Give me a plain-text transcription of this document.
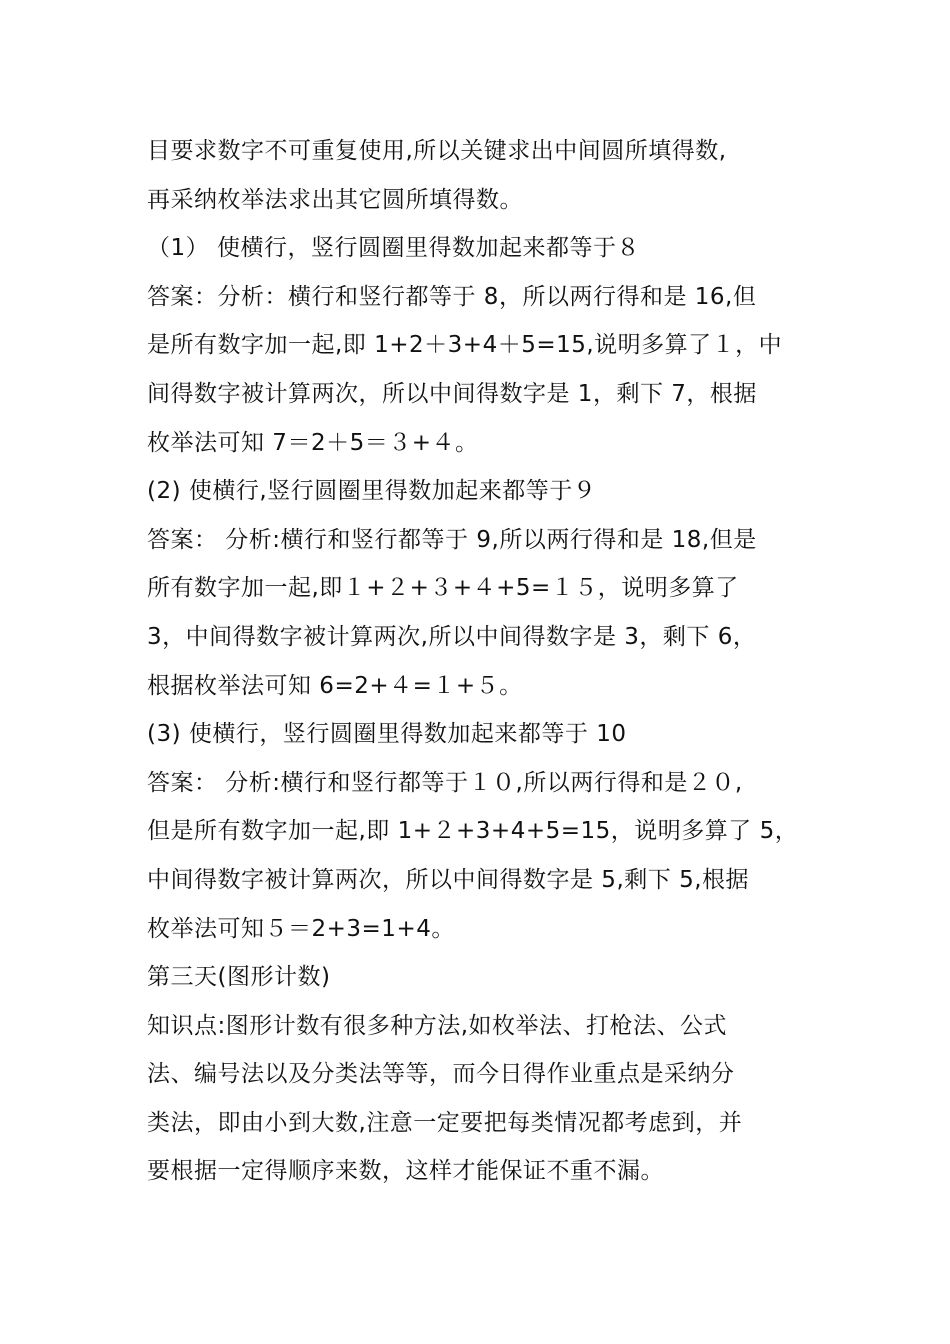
目要求数字不可重复使用,所以关键求出中间圆所填得数,
再采纳枚举法求出其它圆所填得数。
（1） 使横行，竖行圆圈里得数加起来都等于８
答案：分析：横行和竖行都等于 8，所以两行得和是 16,但
是所有数字加一起,即 1+2＋3+4＋5=15,说明多算了１，中
间得数字被计算两次，所以中间得数字是 1，剩下 7，根据
枚举法可知 7＝2＋5＝３+４。
(2) 使横行,竖行圆圈里得数加起来都等于９
答案： 分析:横行和竖行都等于 9,所以两行得和是 18,但是
所有数字加一起,即１+２+３+４+5=１５，说明多算了
3，中间得数字被计算两次,所以中间得数字是 3，剩下 6，
根据枚举法可知 6=2+４=１+５。
(3) 使横行，竖行圆圈里得数加起来都等于 10
答案： 分析:横行和竖行都等于１０,所以两行得和是２０,
但是所有数字加一起,即 1+２+3+4+5=15，说明多算了 5，
中间得数字被计算两次，所以中间得数字是 5,剩下 5,根据
枚举法可知５＝2+3=1+4。
第三天(图形计数)
知识点:图形计数有很多种方法,如枚举法、打枪法、公式
法、编号法以及分类法等等，而今日得作业重点是采纳分
类法，即由小到大数,注意一定要把每类情况都考虑到，并
要根据一定得顺序来数，这样才能保证不重不漏。
